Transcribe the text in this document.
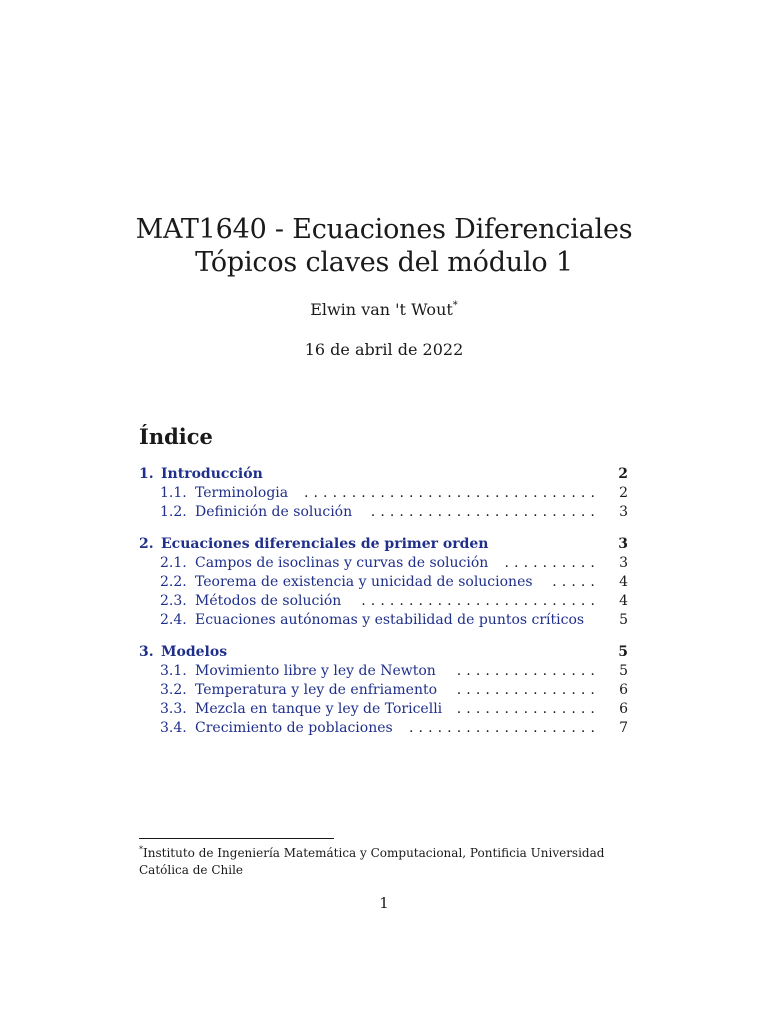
MAT1640 - Ecuaciones Diferenciales
Tópicos claves del módulo 1
Elwin van 't Wout*
16 de abril de 2022
Índice
1. Introducción	2
1.1. Terminologia ...............................	2
1.2. Definición de solución ........................	3
2. Ecuaciones diferenciales de primer orden	3
2.1. Campos de isoclinas y curvas de solución ..........	3
2.2. Teorema de existencia y unicidad de soluciones .....	4
2.3. Métodos de solución .........................	4
2.4. Ecuaciones autónomas y estabilidad de puntos críticos	5
3. Modelos	5
3.1. Movimiento libre y ley de Newton ...............	5
3.2. Temperatura y ley de enfriamento ...............	6
3.3. Mezcla en tanque y ley de Toricelli ...............	6
3.4. Crecimiento de poblaciones ....................	7
*Instituto de Ingeniería Matemática y Computacional, Pontificia Universidad Católica de Chile
1
